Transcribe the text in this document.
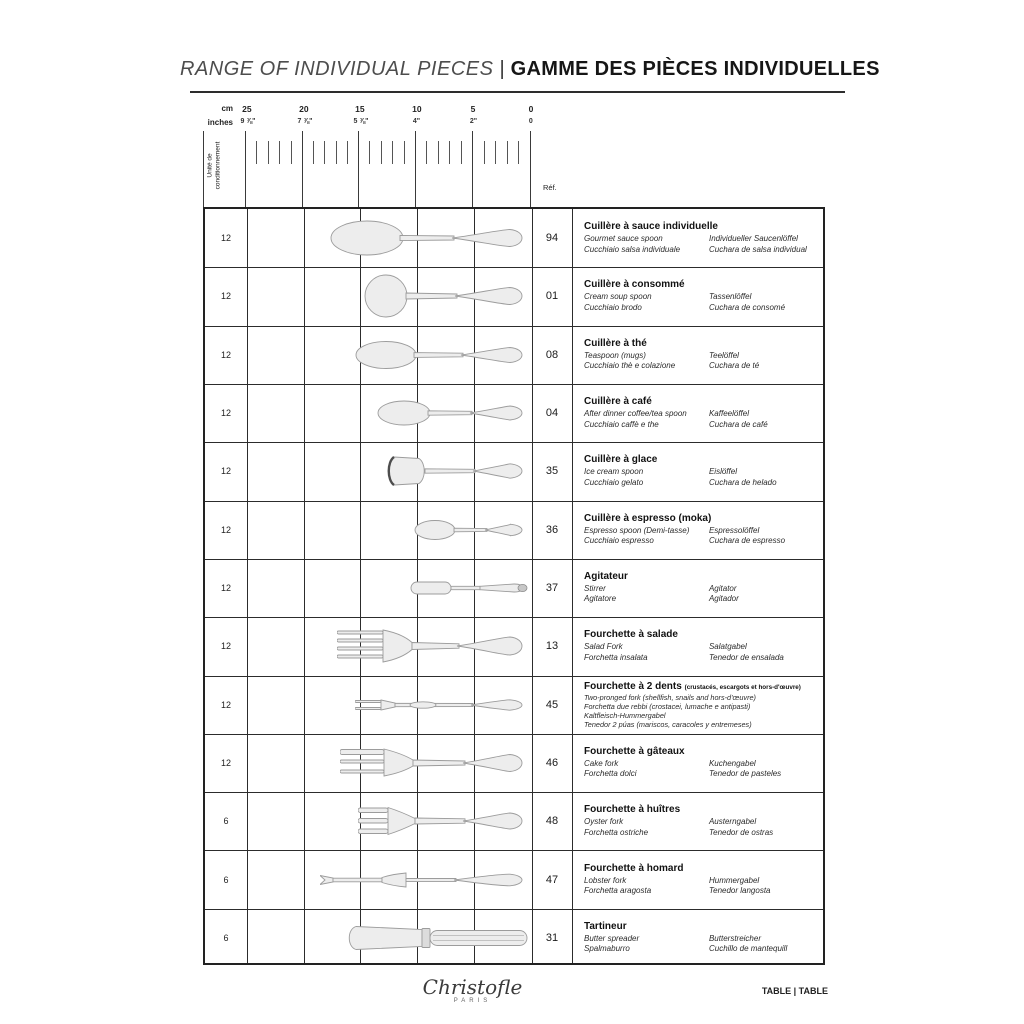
RANGE OF INDIVIDUAL PIECES | GAMME DES PIÈCES INDIVIDUELLES
cm
inches
25
9 ⅞"
20
7 ⅞"
15
5 ⅞"
10
4"
5
2"
0
0
Unité de conditionnement	Réf.
12	94
Cuillère à sauce individuelle
Gourmet sauce spoon
Cucchiaio salsa individuale
Individueller Saucenlöffel
Cuchara de salsa individual
12	01
Cuillère à consommé
Cream soup spoon
Cucchiaio brodo
Tassenlöffel
Cuchara de consomé
12	08
Cuillère à thé
Teaspoon (mugs)
Cucchiaio thè e colazione
Teelöffel
Cuchara de té
12	04
Cuillère à café
After dinner coffee/tea spoon
Cucchiaio caffè e the
Kaffeelöffel
Cuchara de café
12	35
Cuillère à glace
Ice cream spoon
Cucchiaio gelato
Eislöffel
Cuchara de helado
12	36
Cuillère à espresso (moka)
Espresso spoon (Demi-tasse)
Cucchiaio espresso
Espressolöffel
Cuchara de espresso
12	37
Agitateur
Stirrer
Agitatore
Agitator
Agitador
12	13
Fourchette à salade
Salad Fork
Forchetta insalata
Salatgabel
Tenedor de ensalada
12	45
Fourchette à 2 dents (crustacés, escargots et hors-d'œuvre)
Two-pronged fork (shellfish, snails and hors-d'œuvre)
Forchetta due rebbi (crostacei, lumache e antipasti)
Kaltfleisch-Hummergabel
Tenedor 2 púas (mariscos, caracoles y entremeses)
12	46
Fourchette à gâteaux
Cake fork
Forchetta dolci
Kuchengabel
Tenedor de pasteles
6	48
Fourchette à huîtres
Oyster fork
Forchetta ostriche
Austerngabel
Tenedor de ostras
6	47
Fourchette à homard
Lobster fork
Forchetta aragosta
Hummergabel
Tenedor langosta
6	31
Tartineur
Butter spreader
Spalmaburro
Butterstreicher
Cuchillo de mantequill
Christofle
PARIS
TABLE | TABLE
